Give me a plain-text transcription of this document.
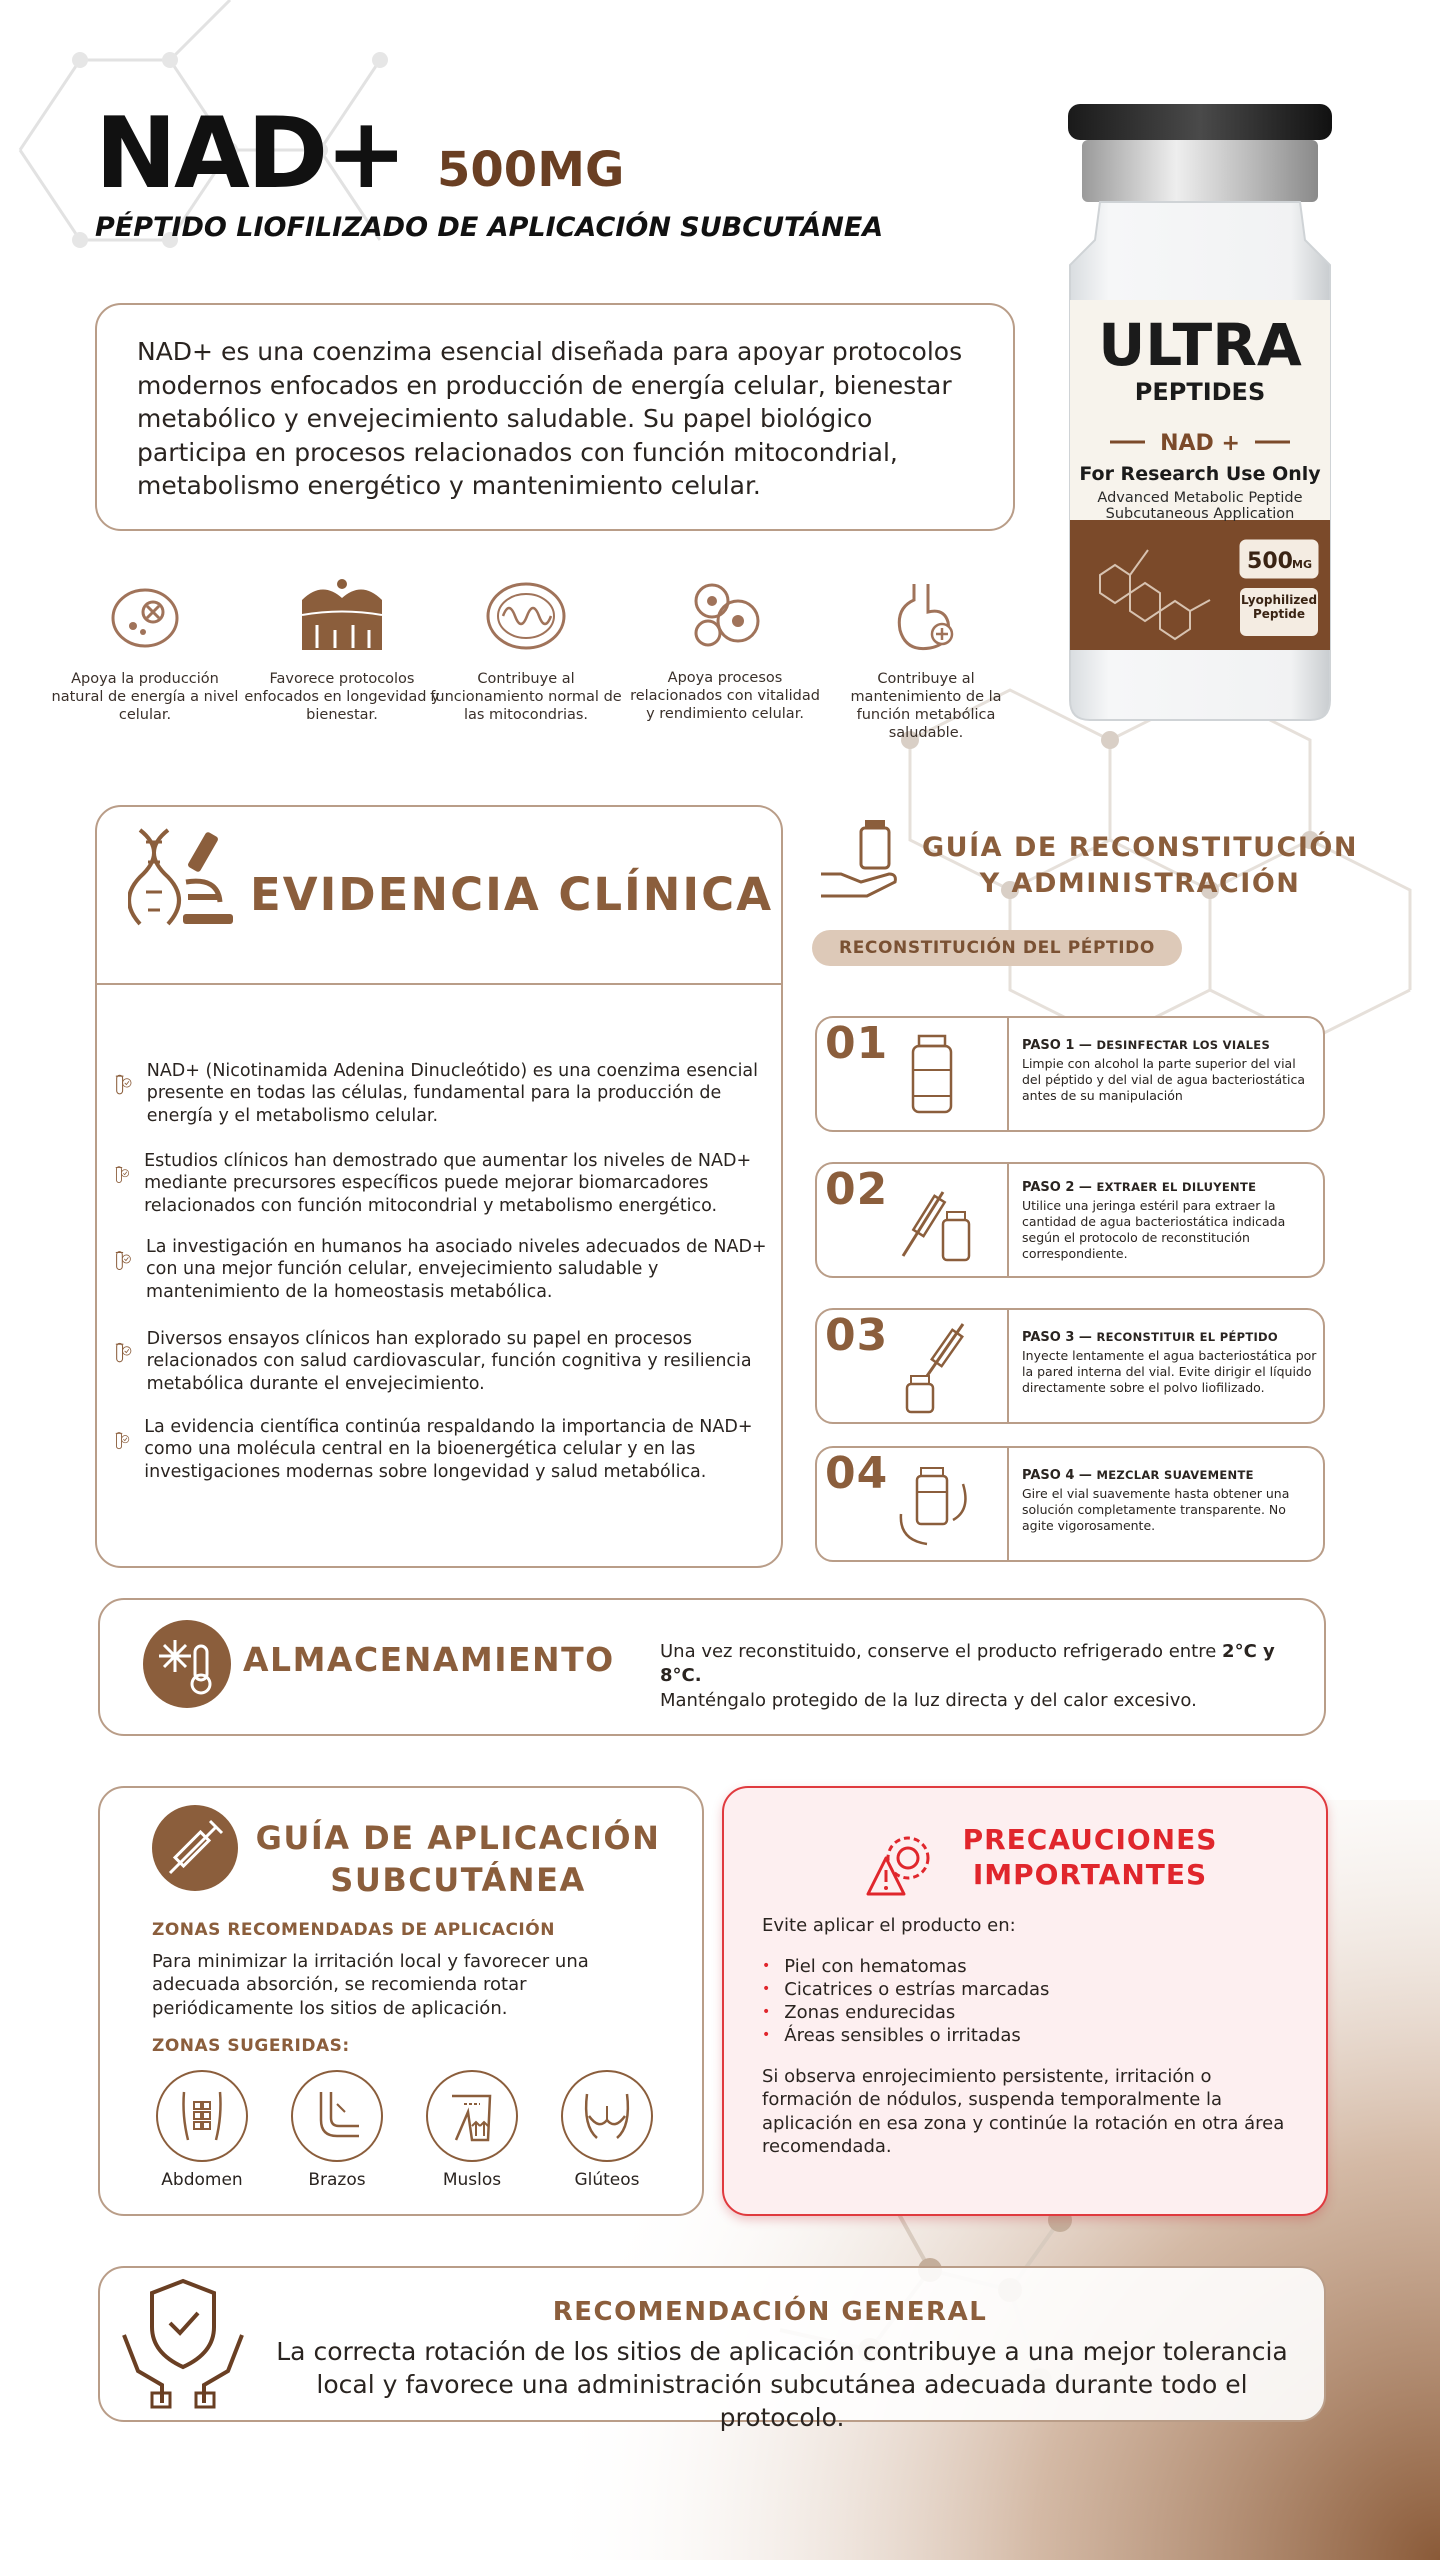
NAD+ 500MG
PÉPTIDO LIOFILIZADO DE APLICACIÓN SUBCUTÁNEA

NAD+ es una coenzima esencial diseñada para apoyar protocolos modernos enfocados en producción de energía celular, bienestar metabólico y envejecimiento saludable. Su papel biológico participa en procesos relacionados con función mitocondrial, metabolismo energético y mantenimiento celular.

ULTRA
PEPTIDES
NAD +
For Research Use Only
Advanced Metabolic Peptide
Subcutaneous Application
500 MG
Lyophilized Peptide
Apoya la producción natural de energía a nivel celular.
Favorece protocolos enfocados en longevidad y bienestar.
Contribuye al funcionamiento normal de las mitocondrias.
Apoya procesos relacionados con vitalidad y rendimiento celular.
Contribuye al mantenimiento de la función metabólica saludable.
EVIDENCIA CLÍNICA

NAD+ (Nicotinamida Adenina Dinucleótido) es una coenzima esencial presente en todas las células, fundamental para la producción de energía y el metabolismo celular.

Estudios clínicos han demostrado que aumentar los niveles de NAD+ mediante precursores específicos puede mejorar biomarcadores relacionados con función mitocondrial y metabolismo energético.

La investigación en humanos ha asociado niveles adecuados de NAD+ con una mejor función celular, envejecimiento saludable y mantenimiento de la homeostasis metabólica.

Diversos ensayos clínicos han explorado su papel en procesos relacionados con salud cardiovascular, función cognitiva y resiliencia metabólica durante el envejecimiento.

La evidencia científica continúa respaldando la importancia de NAD+ como una molécula central en la bioenergética celular y en las investigaciones modernas sobre longevidad y salud metabólica.

GUÍA DE RECONSTITUCIÓN
Y ADMINISTRACIÓN
RECONSTITUCIÓN DEL PÉPTIDO
01	PASO 1 — DESINFECTAR LOS VIALES
Limpie con alcohol la parte superior del vial del péptido y del vial de agua bacteriostática antes de su manipulación
02	PASO 2 — EXTRAER EL DILUYENTE
Utilice una jeringa estéril para extraer la cantidad de agua bacteriostática indicada según el protocolo de reconstitución correspondiente.
03	PASO 3 — RECONSTITUIR EL PÉPTIDO
Inyecte lentamente el agua bacteriostática por la pared interna del vial. Evite dirigir el líquido directamente sobre el polvo liofilizado.
04	PASO 4 — MEZCLAR SUAVEMENTE
Gire el vial suavemente hasta obtener una solución completamente transparente. No agite vigorosamente.
ALMACENAMIENTO	Una vez reconstituido, conserve el producto refrigerado entre 2°C y 8°C.
Manténgalo protegido de la luz directa y del calor excesivo.
GUÍA DE APLICACIÓN
SUBCUTÁNEA
ZONAS RECOMENDADAS DE APLICACIÓN
Para minimizar la irritación local y favorecer una adecuada absorción, se recomienda rotar periódicamente los sitios de aplicación.
ZONAS SUGERIDAS:
Abdomen	Brazos	Muslos	Glúteos
PRECAUCIONES
IMPORTANTES
Evite aplicar el producto en:
• Piel con hematomas
• Cicatrices o estrías marcadas
• Zonas endurecidas
• Áreas sensibles o irritadas
Si observa enrojecimiento persistente, irritación o formación de nódulos, suspenda temporalmente la aplicación en esa zona y continúe la rotación en otra área recomendada.
RECOMENDACIÓN GENERAL
La correcta rotación de los sitios de aplicación contribuye a una mejor tolerancia local y favorece una administración subcutánea adecuada durante todo el protocolo.
